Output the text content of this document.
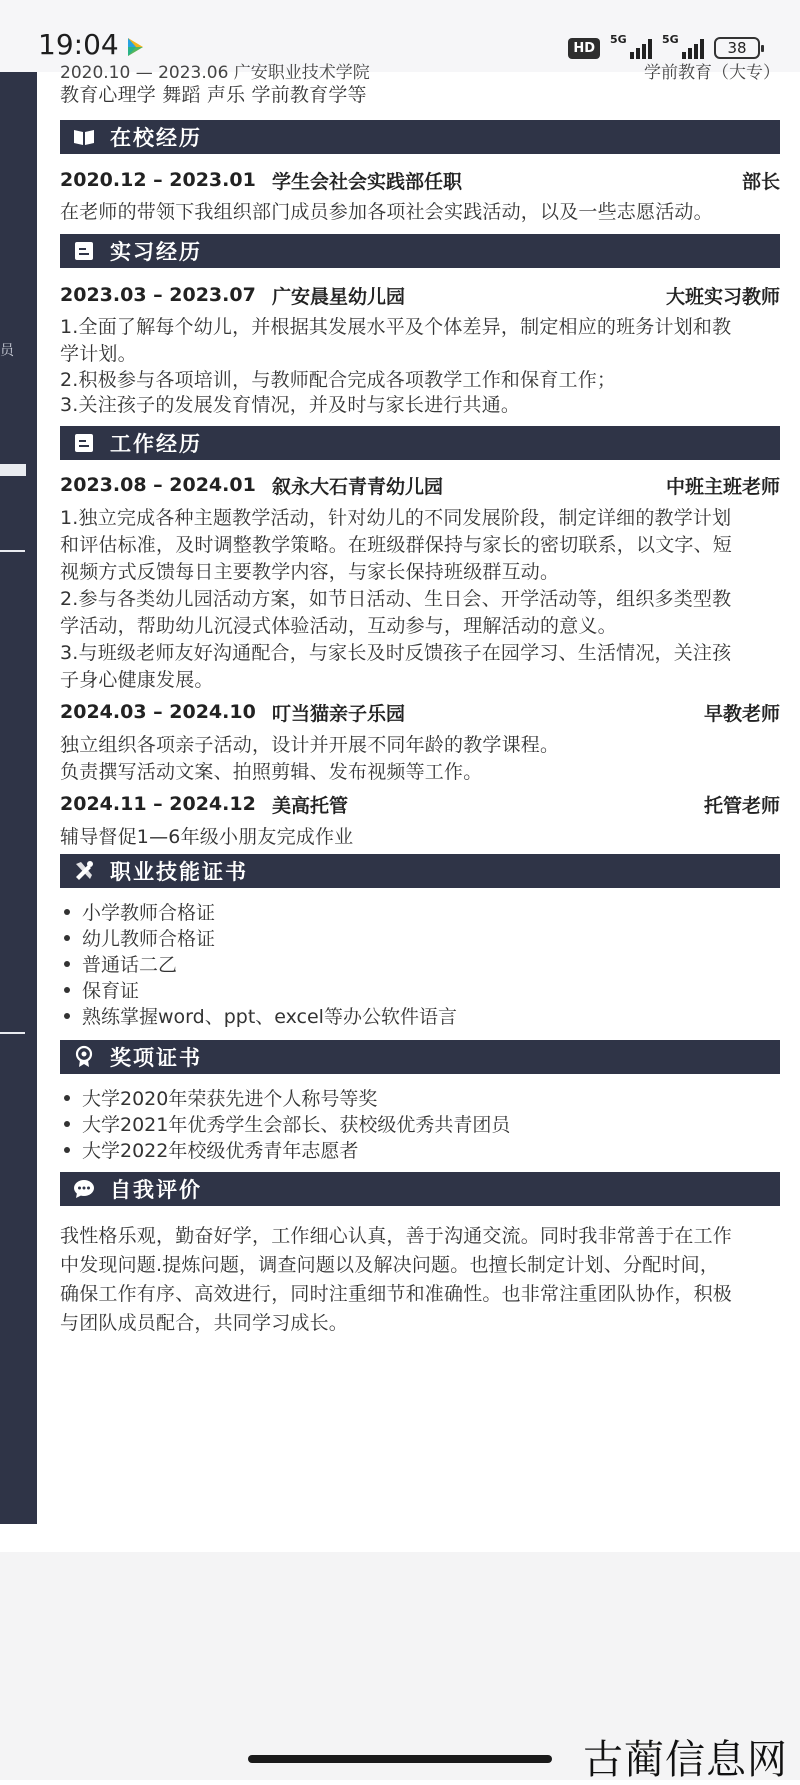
19:04	HD
5G	5G	38
员
2020.10 — 2023.06 广安职业技术学院	学前教育（大专）
教育心理学 舞蹈 声乐 学前教育学等
在校经历
2020.12 – 2023.01 学生会社会实践部任职	部长
在老师的带领下我组织部门成员参加各项社会实践活动，以及一些志愿活动。
实习经历
2023.03 – 2023.07 广安晨星幼儿园	大班实习教师
1.全面了解每个幼儿，并根据其发展水平及个体差异，制定相应的班务计划和教
学计划。
2.积极参与各项培训，与教师配合完成各项教学工作和保育工作；
3.关注孩子的发展发育情况，并及时与家长进行共通。
工作经历
2023.08 – 2024.01 叙永大石青青幼儿园	中班主班老师
1.独立完成各种主题教学活动，针对幼儿的不同发展阶段，制定详细的教学计划
和评估标准，及时调整教学策略。在班级群保持与家长的密切联系，以文字、短
视频方式反馈每日主要教学内容，与家长保持班级群互动。
2.参与各类幼儿园活动方案，如节日活动、生日会、开学活动等，组织多类型教
学活动，帮助幼儿沉浸式体验活动，互动参与，理解活动的意义。
3.与班级老师友好沟通配合，与家长及时反馈孩子在园学习、生活情况，关注孩
子身心健康发展。
2024.03 – 2024.10 叮当猫亲子乐园	早教老师
独立组织各项亲子活动，设计并开展不同年龄的教学课程。
负责撰写活动文案、拍照剪辑、发布视频等工作。
2024.11 – 2024.12 美高托管	托管老师
辅导督促1—6年级小朋友完成作业
职业技能证书
小学教师合格证
幼儿教师合格证
普通话二乙
保育证
熟练掌握word、ppt、excel等办公软件语言
奖项证书
大学2020年荣获先进个人称号等奖
大学2021年优秀学生会部长、获校级优秀共青团员
大学2022年校级优秀青年志愿者
自我评价
我性格乐观，勤奋好学，工作细心认真，善于沟通交流。同时我非常善于在工作
中发现问题.提炼问题，调查问题以及解决问题。也擅长制定计划、分配时间，
确保工作有序、高效进行，同时注重细节和准确性。也非常注重团队协作，积极
与团队成员配合，共同学习成长。
古蔺信息网
